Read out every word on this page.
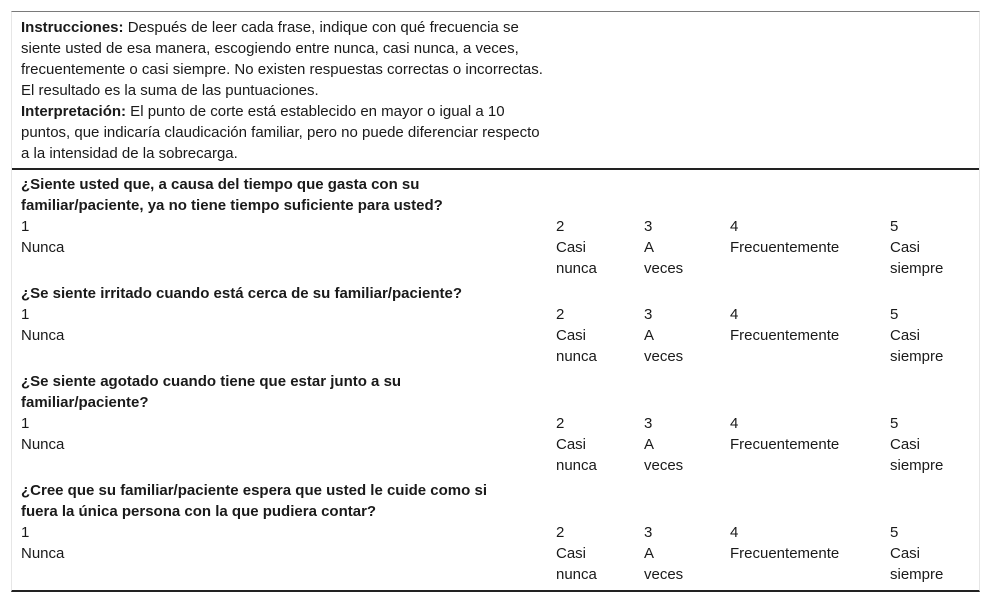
Instrucciones: Después de leer cada frase, indique con qué frecuencia se siente usted de esa manera, escogiendo entre nunca, casi nunca, a veces, frecuentemente o casi siempre. No existen respuestas correctas o incorrectas. El resultado es la suma de las puntuaciones.

Interpretación: El punto de corte está establecido en mayor o igual a 10 puntos, que indicaría claudicación familiar, pero no puede diferenciar respecto a la intensidad de la sobrecarga.

¿Siente usted que, a causa del tiempo que gasta con su familiar/paciente, ya no tiene tiempo suficiente para usted?
1
Nunca
2
Casi
nunca
3
A
veces
4
Frecuentemente
5
Casi
siempre
¿Se siente irritado cuando está cerca de su familiar/paciente?
1
Nunca
2
Casi
nunca
3
A
veces
4
Frecuentemente
5
Casi
siempre
¿Se siente agotado cuando tiene que estar junto a su familiar/paciente?
1
Nunca
2
Casi
nunca
3
A
veces
4
Frecuentemente
5
Casi
siempre
¿Cree que su familiar/paciente espera que usted le cuide como si fuera la única persona con la que pudiera contar?
1
Nunca
2
Casi
nunca
3
A
veces
4
Frecuentemente
5
Casi
siempre
